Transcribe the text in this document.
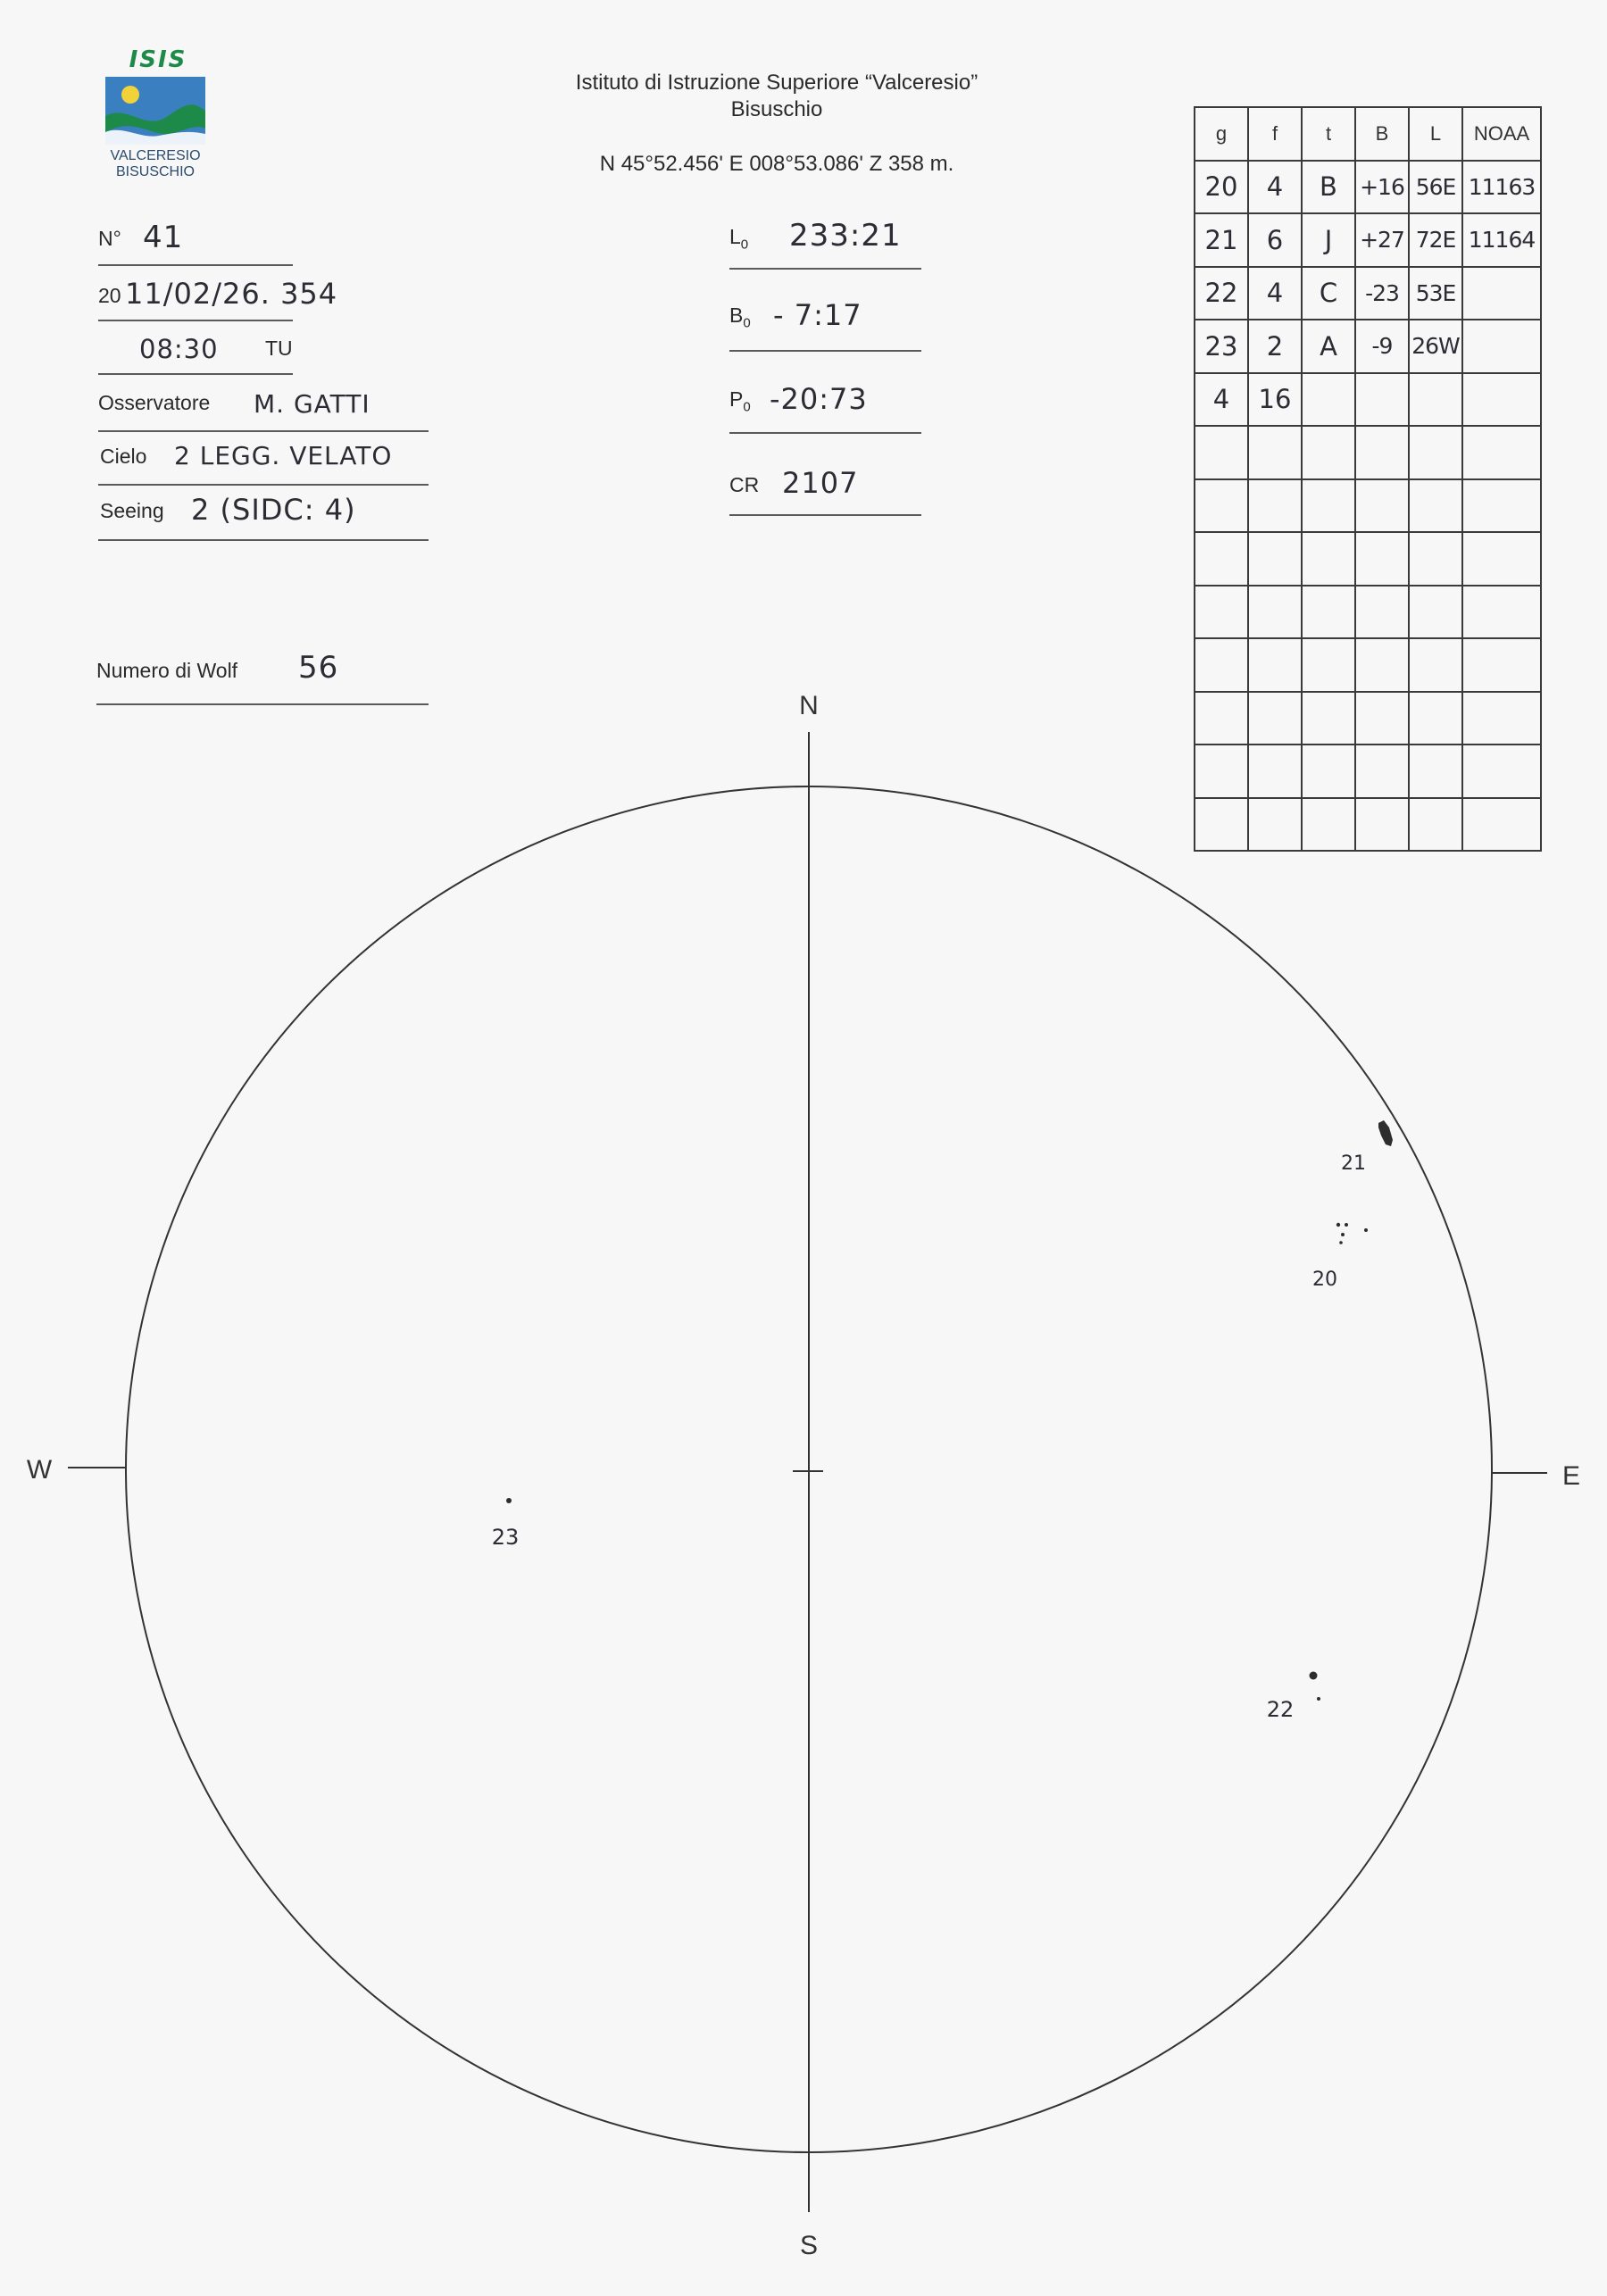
ISIS
VALCERESIO
BISUSCHIO
Istituto di Istruzione Superiore “Valceresio”
Bisuschio
N 45°52.456' E 008°53.086' Z 358 m.
N° 41
20 11/02/26. 354
08:30 TU
Osservatore M. GATTI
Cielo 2 LEGG. VELATO
Seeing 2 (SIDC: 4)
Numero di Wolf 56
$L_0$ 233:21
$B_0$ - 7:17
$P_0$ -20:73
CR 2107
g	f	t	B	L	NOAA
20	4	B	+16	56E	11163
21	6	J	+27	72E	11164
22	4	C	-23	53E	
23	2	A	-9	26W	
4	16				

N
S
E
W
21
20
23
22
